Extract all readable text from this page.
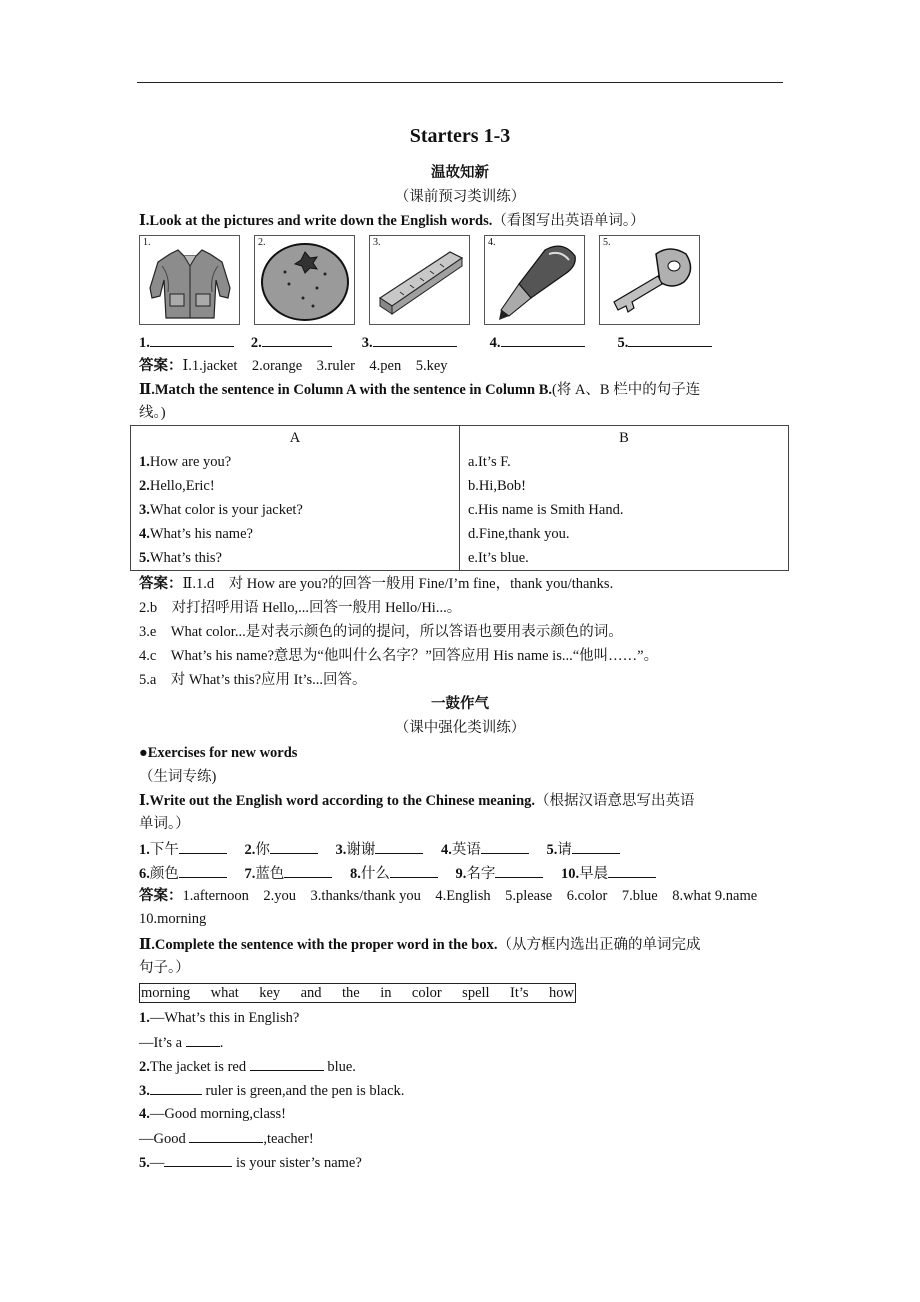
Starters 1-3
温故知新
（课前预习类训练）
Ⅰ.Look at the pictures and write down the English words.（看图写出英语单词。）
1.	2.	3.	4.	5.
1.	2.	3.	4.	5.
答案：Ⅰ.1.jacket　2.orange　3.ruler　4.pen　5.key
Ⅱ.Match the sentence in Column A with the sentence in Column B.(将 A、B 栏中的句子连
线。)
A	B
1.How are you?	a.It’s F.
2.Hello,Eric!	b.Hi,Bob!
3.What color is your jacket?	c.His name is Smith Hand.
4.What’s his name?	d.Fine,thank you.
5.What’s this?	e.It’s blue.
答案：Ⅱ.1.d　对 How are you?的回答一般用 Fine/I’m fine，thank you/thanks.
2.b　对打招呼用语 Hello,...回答一般用 Hello/Hi...。
3.e　What color...是对表示颜色的词的提问，所以答语也要用表示颜色的词。
4.c　What’s his name?意思为“他叫什么名字？”回答应用 His name is...“他叫……”。
5.a　对 What’s this?应用 It’s...回答。
一鼓作气
（课中强化类训练）
●Exercises for new words
（生词专练)
Ⅰ.Write out the English word according to the Chinese meaning.（根据汉语意思写出英语
单词。）
1.下午	2.你	3.谢谢	4.英语	5.请
6.颜色	7.蓝色	8.什么	9.名字	10.早晨
答案：1.afternoon　2.you　3.thanks/thank you　4.English　5.please　6.color　7.blue　8.what 9.name　10.morning
Ⅱ.Complete the sentence with the proper word in the box.（从方框内选出正确的单词完成
句子。）
morning what key and the in color spell It’s how
1.—What’s this in English?
—It’s a .
2.The jacket is red	blue.
3.	ruler is green,and the pen is black.
4.—Good morning,class!
—Good	,teacher!
5.—	is your sister’s name?
